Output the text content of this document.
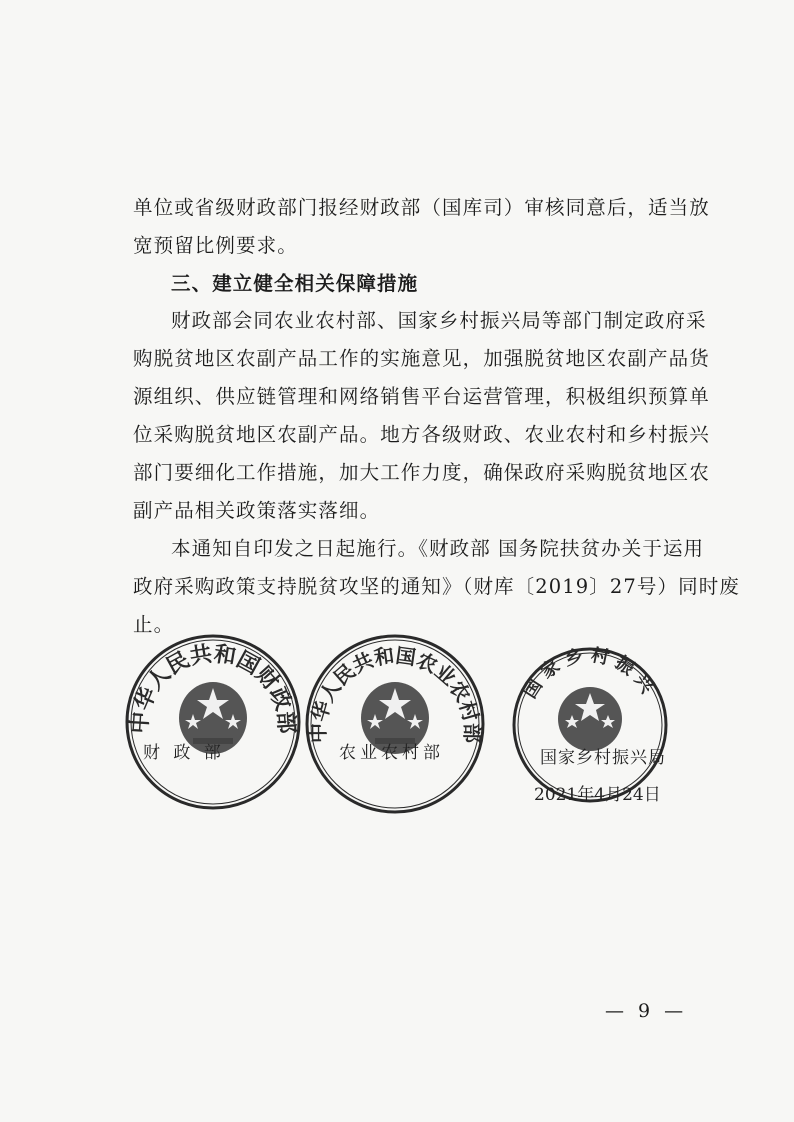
单位或省级财政部门报经财政部（国库司）审核同意后，适当放
宽预留比例要求。
三、建立健全相关保障措施
财政部会同农业农村部、国家乡村振兴局等部门制定政府采
购脱贫地区农副产品工作的实施意见，加强脱贫地区农副产品货
源组织、供应链管理和网络销售平台运营管理，积极组织预算单
位采购脱贫地区农副产品。地方各级财政、农业农村和乡村振兴
部门要细化工作措施，加大工作力度，确保政府采购脱贫地区农
副产品相关政策落实落细。
本通知自印发之日起施行。《财政部 国务院扶贫办关于运用
政府采购政策支持脱贫攻坚的通知》（财库〔2019〕27号）同时废
止。
中华人民共和国财政部
财 政 部
中华人民共和国农业农村部
农业农村部
国家乡村振兴
国家乡村振兴局
2021年4月24日
— 9 —
